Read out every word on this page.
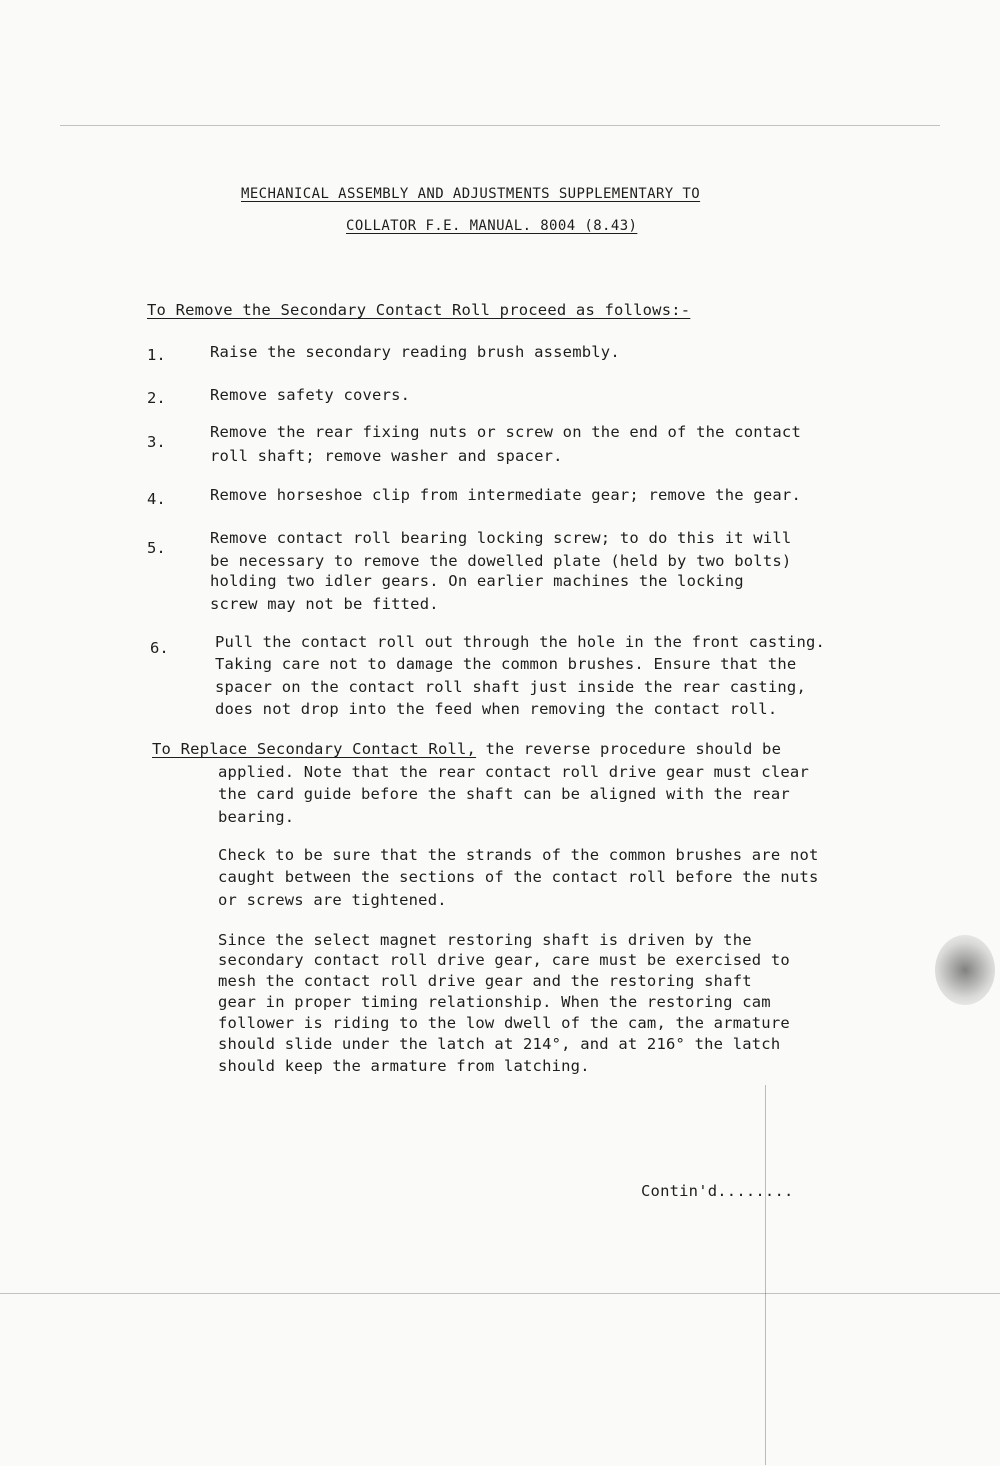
MECHANICAL ASSEMBLY AND ADJUSTMENTS SUPPLEMENTARY TO
COLLATOR F.E. MANUAL. 8004 (8.43)
To Remove the Secondary Contact Roll proceed as follows:-
1.	Raise the secondary reading brush assembly.
2.	Remove safety covers.
3.
Remove the rear fixing nuts or screw on the end of the contact
roll shaft; remove washer and spacer.
4.	Remove horseshoe clip from intermediate gear; remove the gear.
5.
Remove contact roll bearing locking screw; to do this it will
be necessary to remove the dowelled plate (held by two bolts)
holding two idler gears. On earlier machines the locking
screw may not be fitted.
6.	Pull the contact roll out through the hole in the front casting.
Taking care not to damage the common brushes. Ensure that the
spacer on the contact roll shaft just inside the rear casting,
does not drop into the feed when removing the contact roll.
To Replace Secondary Contact Roll, the reverse procedure should be
applied. Note that the rear contact roll drive gear must clear
the card guide before the shaft can be aligned with the rear
bearing.
Check to be sure that the strands of the common brushes are not
caught between the sections of the contact roll before the nuts
or screws are tightened.
Since the select magnet restoring shaft is driven by the
secondary contact roll drive gear, care must be exercised to
mesh the contact roll drive gear and the restoring shaft
gear in proper timing relationship. When the restoring cam
follower is riding to the low dwell of the cam, the armature
should slide under the latch at 214°, and at 216° the latch
should keep the armature from latching.
Contin'd........
